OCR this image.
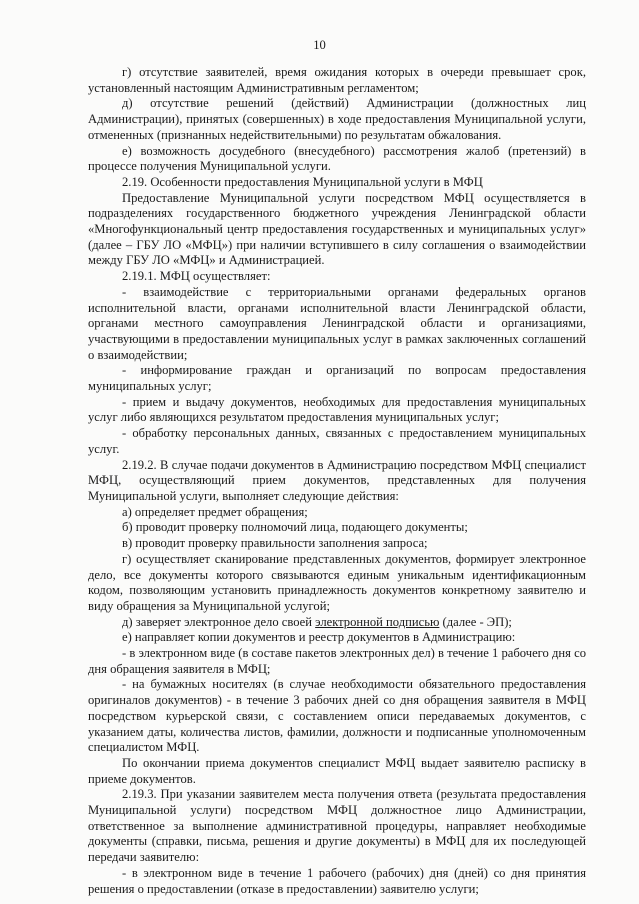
10

г) отсутствие заявителей, время ожидания которых в очереди превышает срок, установленный настоящим Административным регламентом;

д) отсутствие решений (действий) Администрации (должностных лиц Администрации), принятых (совершенных) в ходе предоставления Муниципальной услуги, отмененных (признанных недействительными) по результатам обжалования.

е) возможность досудебного (внесудебного) рассмотрения жалоб (претензий) в процессе получения Муниципальной услуги.

2.19. Особенности предоставления Муниципальной услуги в МФЦ

Предоставление Муниципальной услуги посредством МФЦ осуществляется в подразделениях государственного бюджетного учреждения Ленинградской области «Многофункциональный центр предоставления государственных и муниципальных услуг» (далее – ГБУ ЛО «МФЦ») при наличии вступившего в силу соглашения о взаимодействии между ГБУ ЛО «МФЦ» и Администрацией.

2.19.1. МФЦ осуществляет:

- взаимодействие с территориальными органами федеральных органов исполнительной власти, органами исполнительной власти Ленинградской области, органами местного самоуправления Ленинградской области и организациями, участвующими в предоставлении муниципальных услуг в рамках заключенных соглашений о взаимодействии;

- информирование граждан и организаций по вопросам предоставления муниципальных услуг;

- прием и выдачу документов, необходимых для предоставления муниципальных услуг либо являющихся результатом предоставления муниципальных услуг;

- обработку персональных данных, связанных с предоставлением муниципальных услуг.

2.19.2. В случае подачи документов в Администрацию посредством МФЦ специалист МФЦ, осуществляющий прием документов, представленных для получения Муниципальной услуги, выполняет следующие действия:

а) определяет предмет обращения;

б) проводит проверку полномочий лица, подающего документы;

в) проводит проверку правильности заполнения запроса;

г) осуществляет сканирование представленных документов, формирует электронное дело, все документы которого связываются единым уникальным идентификационным кодом, позволяющим установить принадлежность документов конкретному заявителю и виду обращения за Муниципальной услугой;

д) заверяет электронное дело своей электронной подписью (далее - ЭП);

е) направляет копии документов и реестр документов в Администрацию:

- в электронном виде (в составе пакетов электронных дел) в течение 1 рабочего дня со дня обращения заявителя в МФЦ;

- на бумажных носителях (в случае необходимости обязательного предоставления оригиналов документов) - в течение 3 рабочих дней со дня обращения заявителя в МФЦ посредством курьерской связи, с составлением описи передаваемых документов, с указанием даты, количества листов, фамилии, должности и подписанные уполномоченным специалистом МФЦ.

По окончании приема документов специалист МФЦ выдает заявителю расписку в приеме документов.

2.19.3. При указании заявителем места получения ответа (результата предоставления Муниципальной услуги) посредством МФЦ должностное лицо Администрации, ответственное за выполнение административной процедуры, направляет необходимые документы (справки, письма, решения и другие документы) в МФЦ для их последующей передачи заявителю:

- в электронном виде в течение 1 рабочего (рабочих) дня (дней) со дня принятия решения о предоставлении (отказе в предоставлении) заявителю услуги;
